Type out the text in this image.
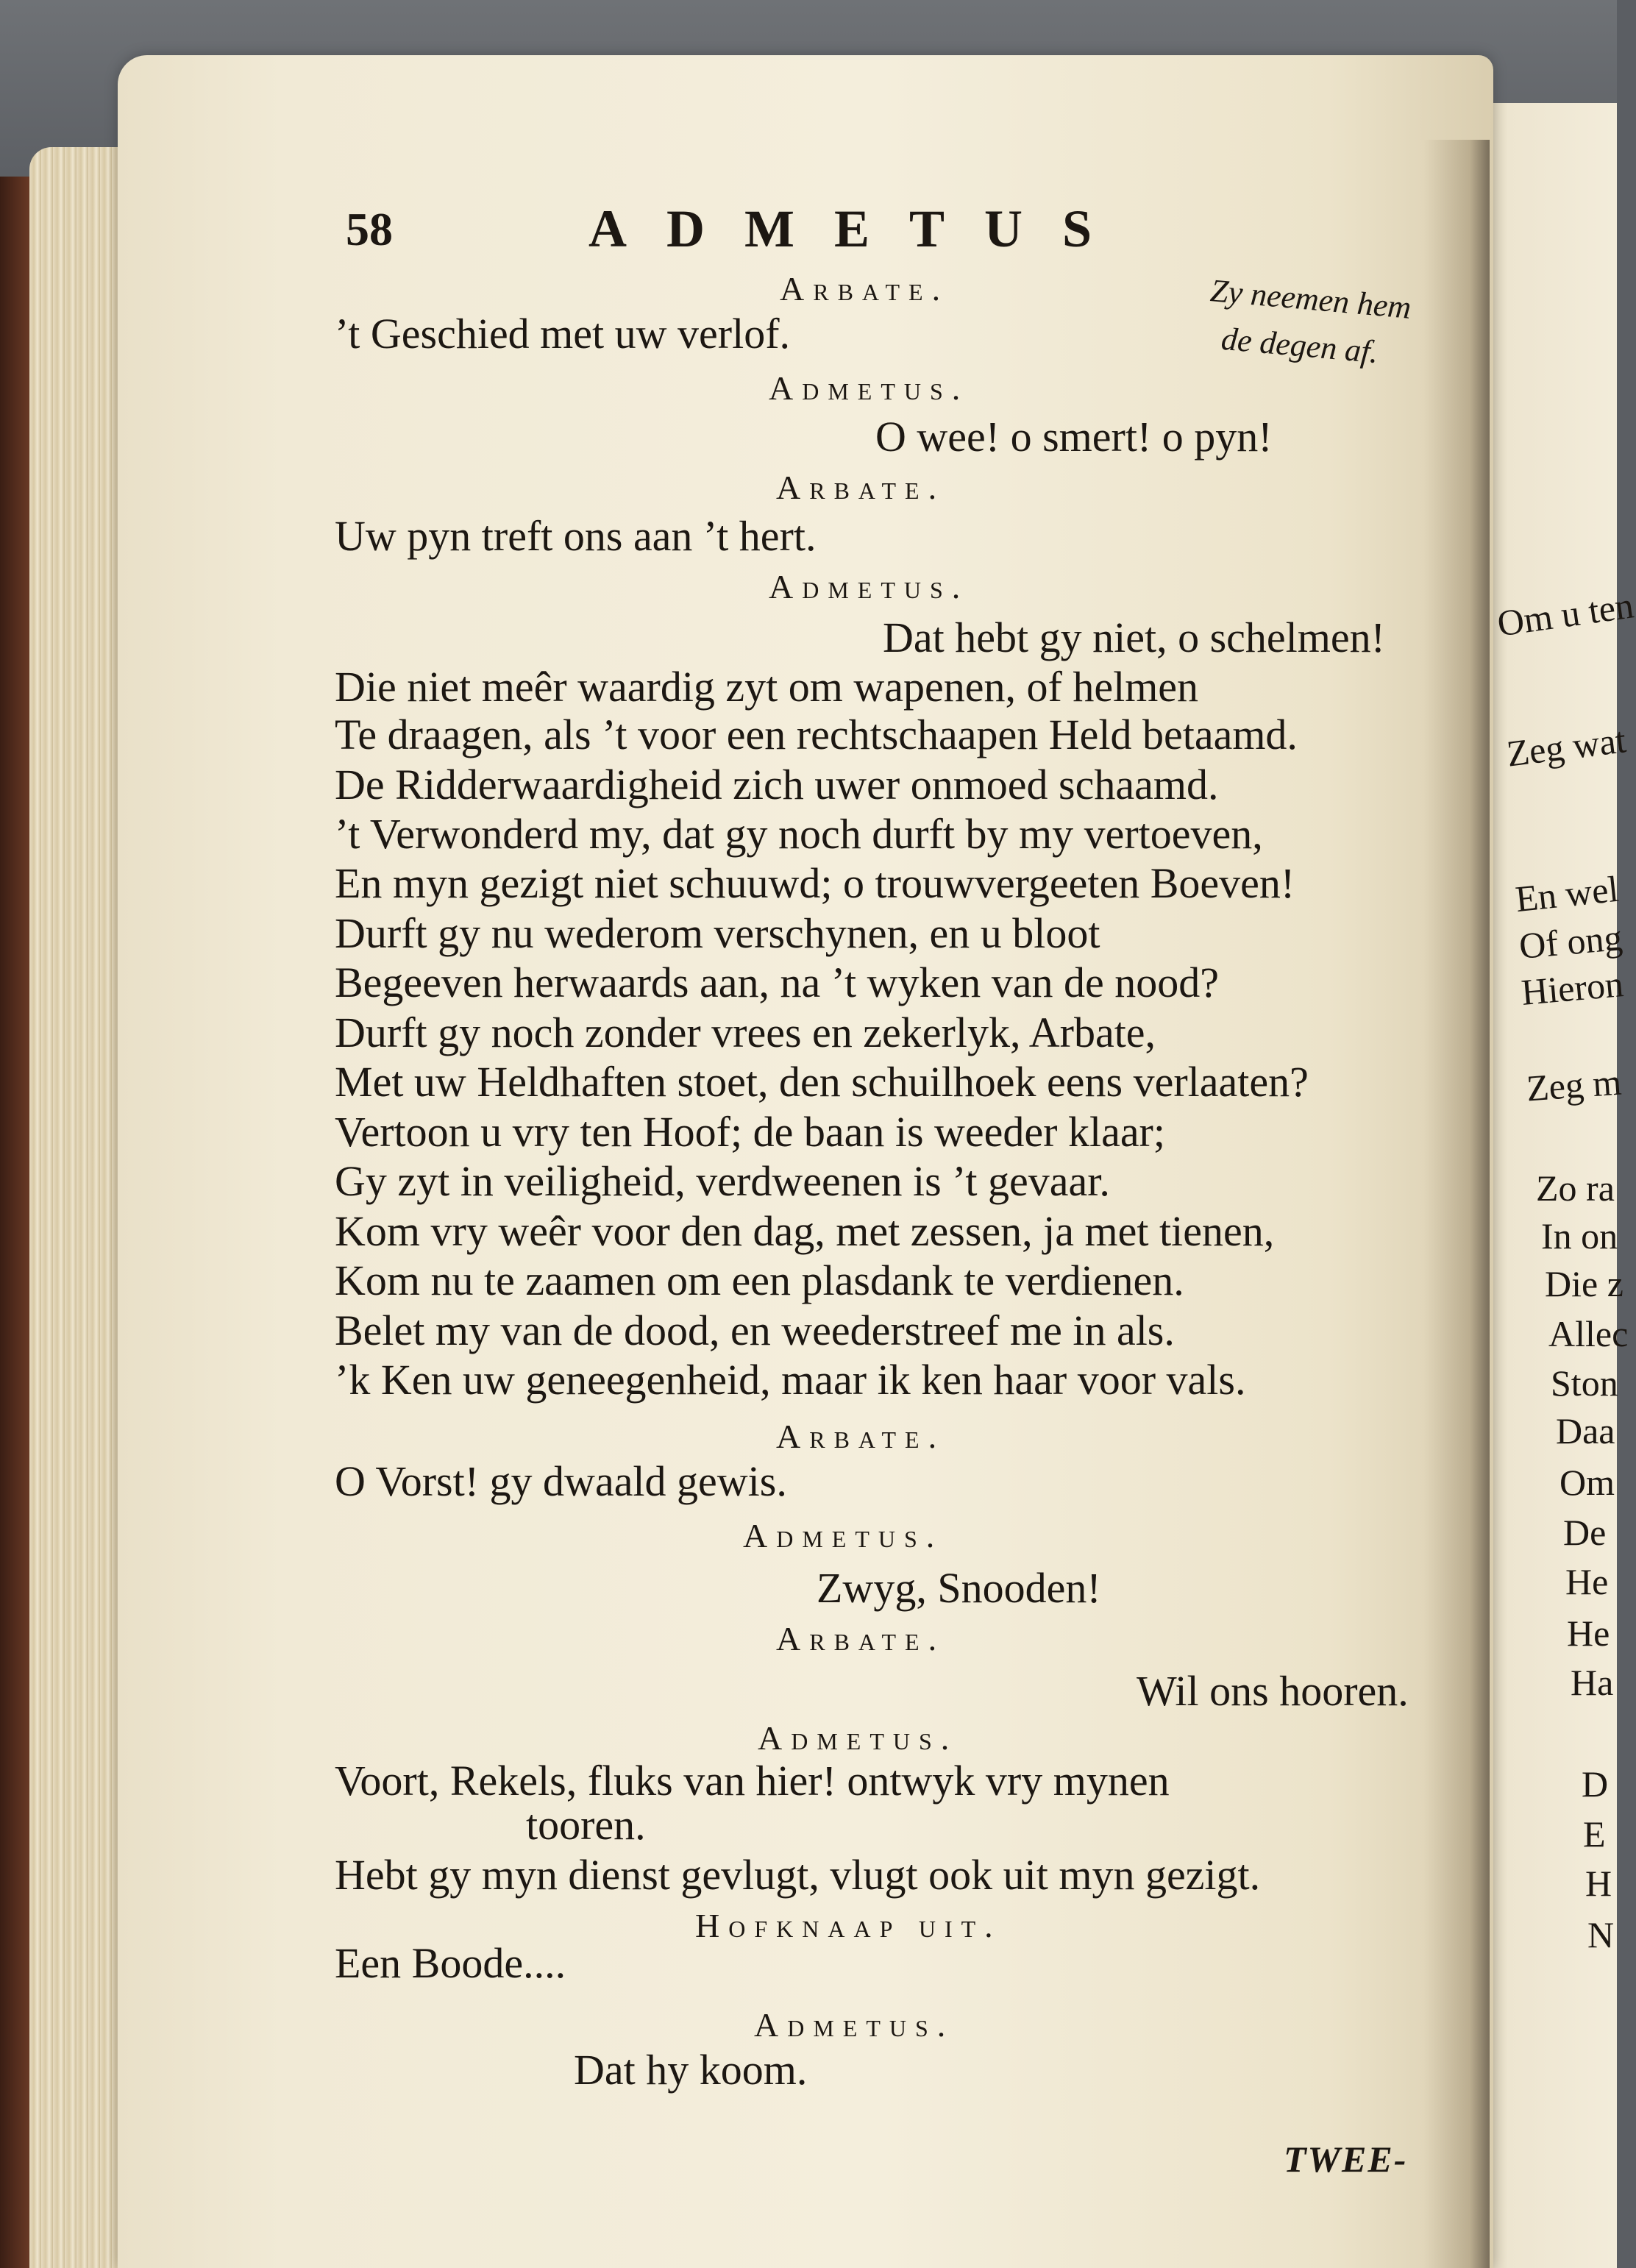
58	ADMETUS
Zy neemen hem
de degen af.
Arbate.
’t Geschied met uw verlof.
Admetus.
O wee! o smert! o pyn!
Arbate.
Uw pyn treft ons aan ’t hert.
Admetus.
Dat hebt gy niet, o schelmen!
Die niet meêr waardig zyt om wapenen, of helmen
Te draagen, als ’t voor een rechtschaapen Held betaamd.
De Ridderwaardigheid zich uwer onmoed schaamd.
’t Verwonderd my, dat gy noch durft by my vertoeven,
En myn gezigt niet schuuwd; o trouwvergeeten Boeven!
Durft gy nu wederom verschynen, en u bloot
Begeeven herwaards aan, na ’t wyken van de nood?
Durft gy noch zonder vrees en zekerlyk, Arbate,
Met uw Heldhaften stoet, den schuilhoek eens verlaaten?
Vertoon u vry ten Hoof; de baan is weeder klaar;
Gy zyt in veiligheid, verdweenen is ’t gevaar.
Kom vry weêr voor den dag, met zessen, ja met tienen,
Kom nu te zaamen om een plasdank te verdienen.
Belet my van de dood, en weederstreef me in als.
’k Ken uw geneegenheid, maar ik ken haar voor vals.
Arbate.
O Vorst! gy dwaald gewis.
Admetus.
Zwyg, Snooden!
Arbate.
Wil ons hooren.
Admetus.
Voort, Rekels, fluks van hier! ontwyk vry mynen
tooren.
Hebt gy myn dienst gevlugt, vlugt ook uit myn gezigt.
Hofknaap uit.
Een Boode....
Admetus.
Dat hy koom.
TWEE-
Om u ten
Zeg wat
En wel
Of ong
Hieron
Zeg m
Zo ra
In on
Die z
Allec
Ston
Daa
Om
De
He
He
Ha
D
E
H
N
